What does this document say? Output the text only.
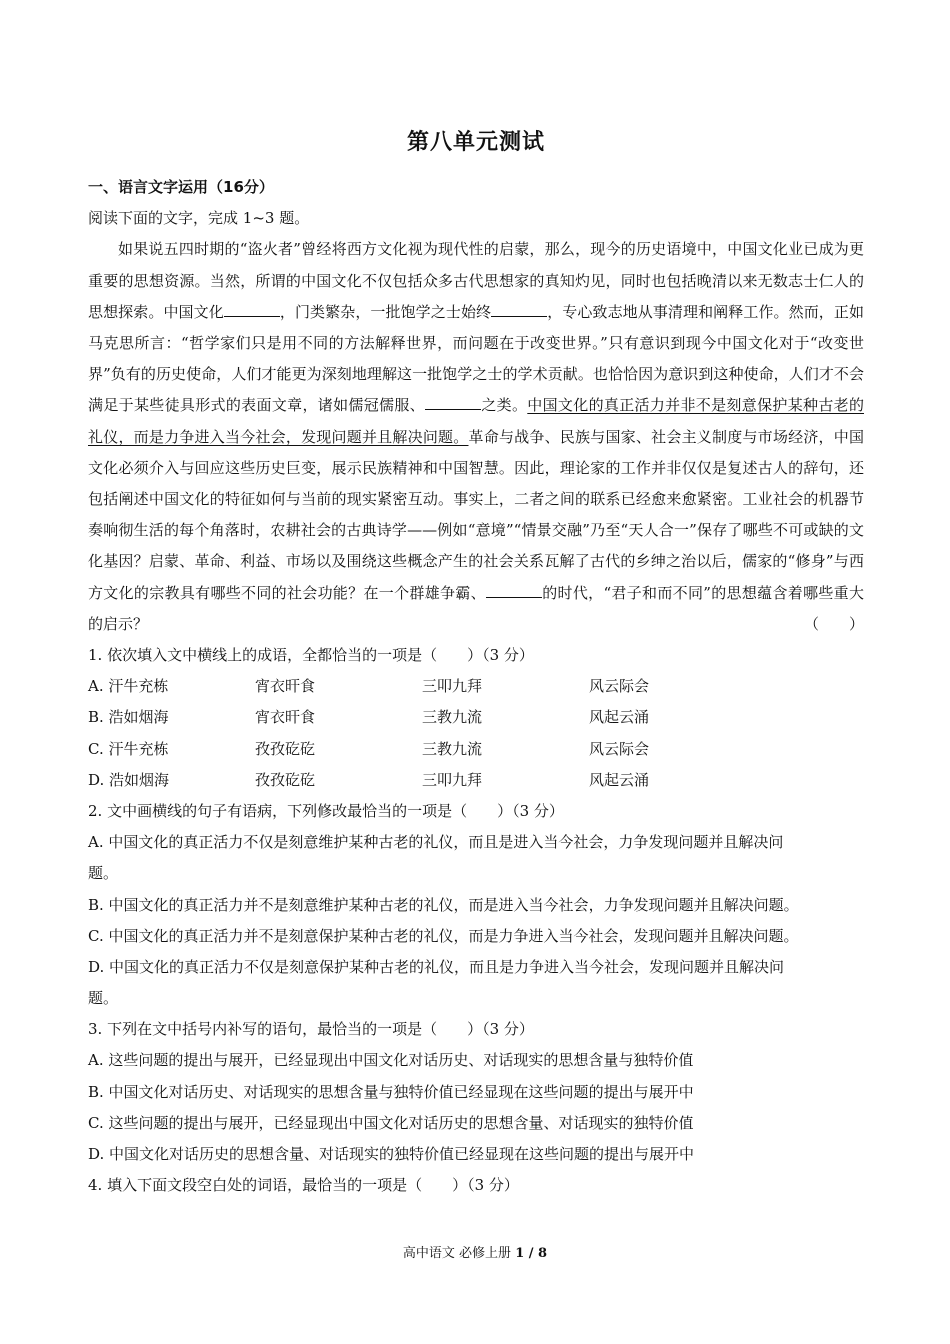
第八单元测试
一、语言文字运用（16分）
阅读下面的文字，完成 1~3 题。
如果说五四时期的“盗火者”曾经将西方文化视为现代性的启蒙，那么，现今的历史语境中，中国文化业已成为更重要的思想资源。当然，所谓的中国文化不仅包括众多古代思想家的真知灼见，同时也包括晚清以来无数志士仁人的思想探索。中国文化	，门类繁杂，一批饱学之士始终	，专心致志地从事清理和阐释工作。然而，正如马克思所言：“哲学家们只是用不同的方法解释世界，而问题在于改变世界。”只有意识到现今中国文化对于“改变世界”负有的历史使命，人们才能更为深刻地理解这一批饱学之士的学术贡献。也恰恰因为意识到这种使命，人们才不会满足于某些徒具形式的表面文章，诸如儒冠儒服、	之类。中国文化的真正活力并非不是刻意保护某种古老的礼仪，而是力争进入当今社会，发现问题并且解决问题。革命与战争、民族与国家、社会主义制度与市场经济，中国文化必须介入与回应这些历史巨变，展示民族精神和中国智慧。因此，理论家的工作并非仅仅是复述古人的辞句，还包括阐述中国文化的特征如何与当前的现实紧密互动。事实上，二者之间的联系已经愈来愈紧密。工业社会的机器节奏响彻生活的每个角落时，农耕社会的古典诗学——例如“意境”“情景交融”乃至“天人合一”保存了哪些不可或缺的文化基因？启蒙、革命、利益、市场以及围绕这些概念产生的社会关系瓦解了古代的乡绅之治以后，儒家的“修身”与西方文化的宗教具有哪些不同的社会功能？在一个群雄争霸、	的时代，“君子和而不同”的思想蕴含着哪些重大的启示？	（　　）
1. 依次填入文中横线上的成语，全都恰当的一项是（　　）（3 分）
A. 汗牛充栋	宵衣旰食	三叩九拜	风云际会
B. 浩如烟海	宵衣旰食	三教九流	风起云涌
C. 汗牛充栋	孜孜矻矻	三教九流	风云际会
D. 浩如烟海	孜孜矻矻	三叩九拜	风起云涌
2. 文中画横线的句子有语病，下列修改最恰当的一项是（　　）（3 分）
A. 中国文化的真正活力不仅是刻意维护某种古老的礼仪，而且是进入当今社会，力争发现问题并且解决问
题。
B. 中国文化的真正活力并不是刻意维护某种古老的礼仪，而是进入当今社会，力争发现问题并且解决问题。
C. 中国文化的真正活力并不是刻意保护某种古老的礼仪，而是力争进入当今社会，发现问题并且解决问题。
D. 中国文化的真正活力不仅是刻意保护某种古老的礼仪，而且是力争进入当今社会，发现问题并且解决问
题。
3. 下列在文中括号内补写的语句，最恰当的一项是（　　）（3 分）
A. 这些问题的提出与展开，已经显现出中国文化对话历史、对话现实的思想含量与独特价值
B. 中国文化对话历史、对话现实的思想含量与独特价值已经显现在这些问题的提出与展开中
C. 这些问题的提出与展开，已经显现出中国文化对话历史的思想含量、对话现实的独特价值
D. 中国文化对话历史的思想含量、对话现实的独特价值已经显现在这些问题的提出与展开中
4. 填入下面文段空白处的词语，最恰当的一项是（　　）（3 分）
高中语文 必修上册 1 / 8
